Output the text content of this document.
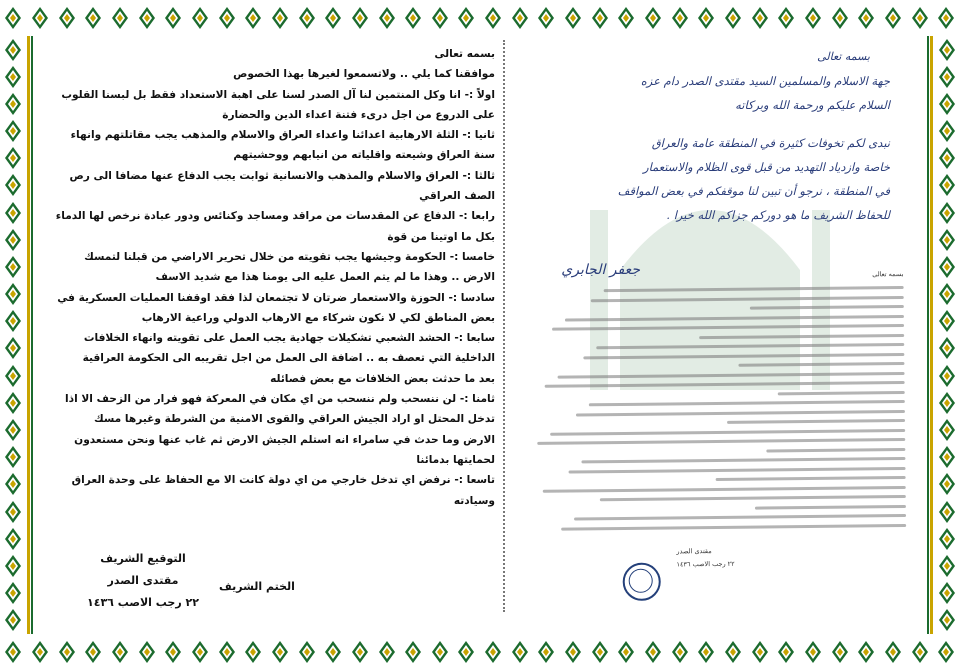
بسمه تعالى

موافقنا كما يلي .. ولاتسمعوا لغيرها بهذا الخصوص

اولاً :- انا وكل المنتمين لنا آل الصدر لسنا على اهبة الاستعداد فقط بل لبسنا القلوب

على الدروع من اجل درىء فتنة اعداء الدين والحضارة

ثانيا :- الثلة الارهابية اعدائنا واعداء العراق والاسلام والمذهب يجب مقاتلتهم وانهاء

سنة العراق وشيعته واقلياته من انيابهم ووحشيتهم

ثالثا :- العراق والاسلام والمذهب والانسانية ثوابت يجب الدفاع عنها مضافا الى رص

الصف العراقي

رابعا :- الدفاع عن المقدسات من مراقد ومساجد وكنائس ودور عبادة نرخص لها الدماء

بكل ما اوتينا من قوة

خامسا :- الحكومة وجيشها يجب تقويته من خلال تحرير الاراضي من قبلنا لتمسك

الارض .. وهذا ما لم يتم العمل عليه الى يومنا هذا مع شديد الاسف

سادسا :- الحوزة والاستعمار ضرتان لا تجتمعان لذا فقد اوقفنا العمليات العسكرية في

بعض المناطق لكي لا نكون شركاء مع الارهاب الدولي وراعية الارهاب

سابعا :- الحشد الشعبي تشكيلات جهادية يجب العمل على تقويته وانهاء الخلافات

الداخلية التي تعصف به .. اضافة الى العمل من اجل تقريبه الى الحكومة العراقية

بعد ما حدثت بعض الخلافات مع بعض فصائله

ثامنا :- لن ننسحب ولم ننسحب من اي مكان في المعركة فهو فرار من الزحف الا اذا

تدخل المحتل او اراد الجيش العراقي والقوى الامنية من الشرطة وغيرها مسك

الارض وما حدث في سامراء انه استلم الجيش الارض ثم غاب عنها ونحن مستعدون

لحمايتها بدمائنا

تاسعا :- نرفض اي تدخل خارجي من اي دولة كانت الا مع الحفاظ على وحدة العراق

وسيادته

التوقيع الشريف
مقتدى الصدر
٢٢ رجب الاصب ١٤٣٦
الختم الشريف
بسمه تعالى
جهة الاسلام والمسلمين السيد مقتدى الصدر دام عزه
السلام عليكم ورحمة الله وبركاته
نبدى لكم تخوفات كثيرة في المنطقة عامة والعراق
خاصة وازدياد التهديد من قبل قوى الظلام والاستعمار
في المنطقة ، نرجو أن تبين لنا موقفكم في بعض المواقف
للحفاظ الشريف ما هو دوركم جزاكم الله خيرا .
جعفر الجابري	بسمه تعالى
مقتدى الصدر
٢٢ رجب الاصب ١٤٣٦
